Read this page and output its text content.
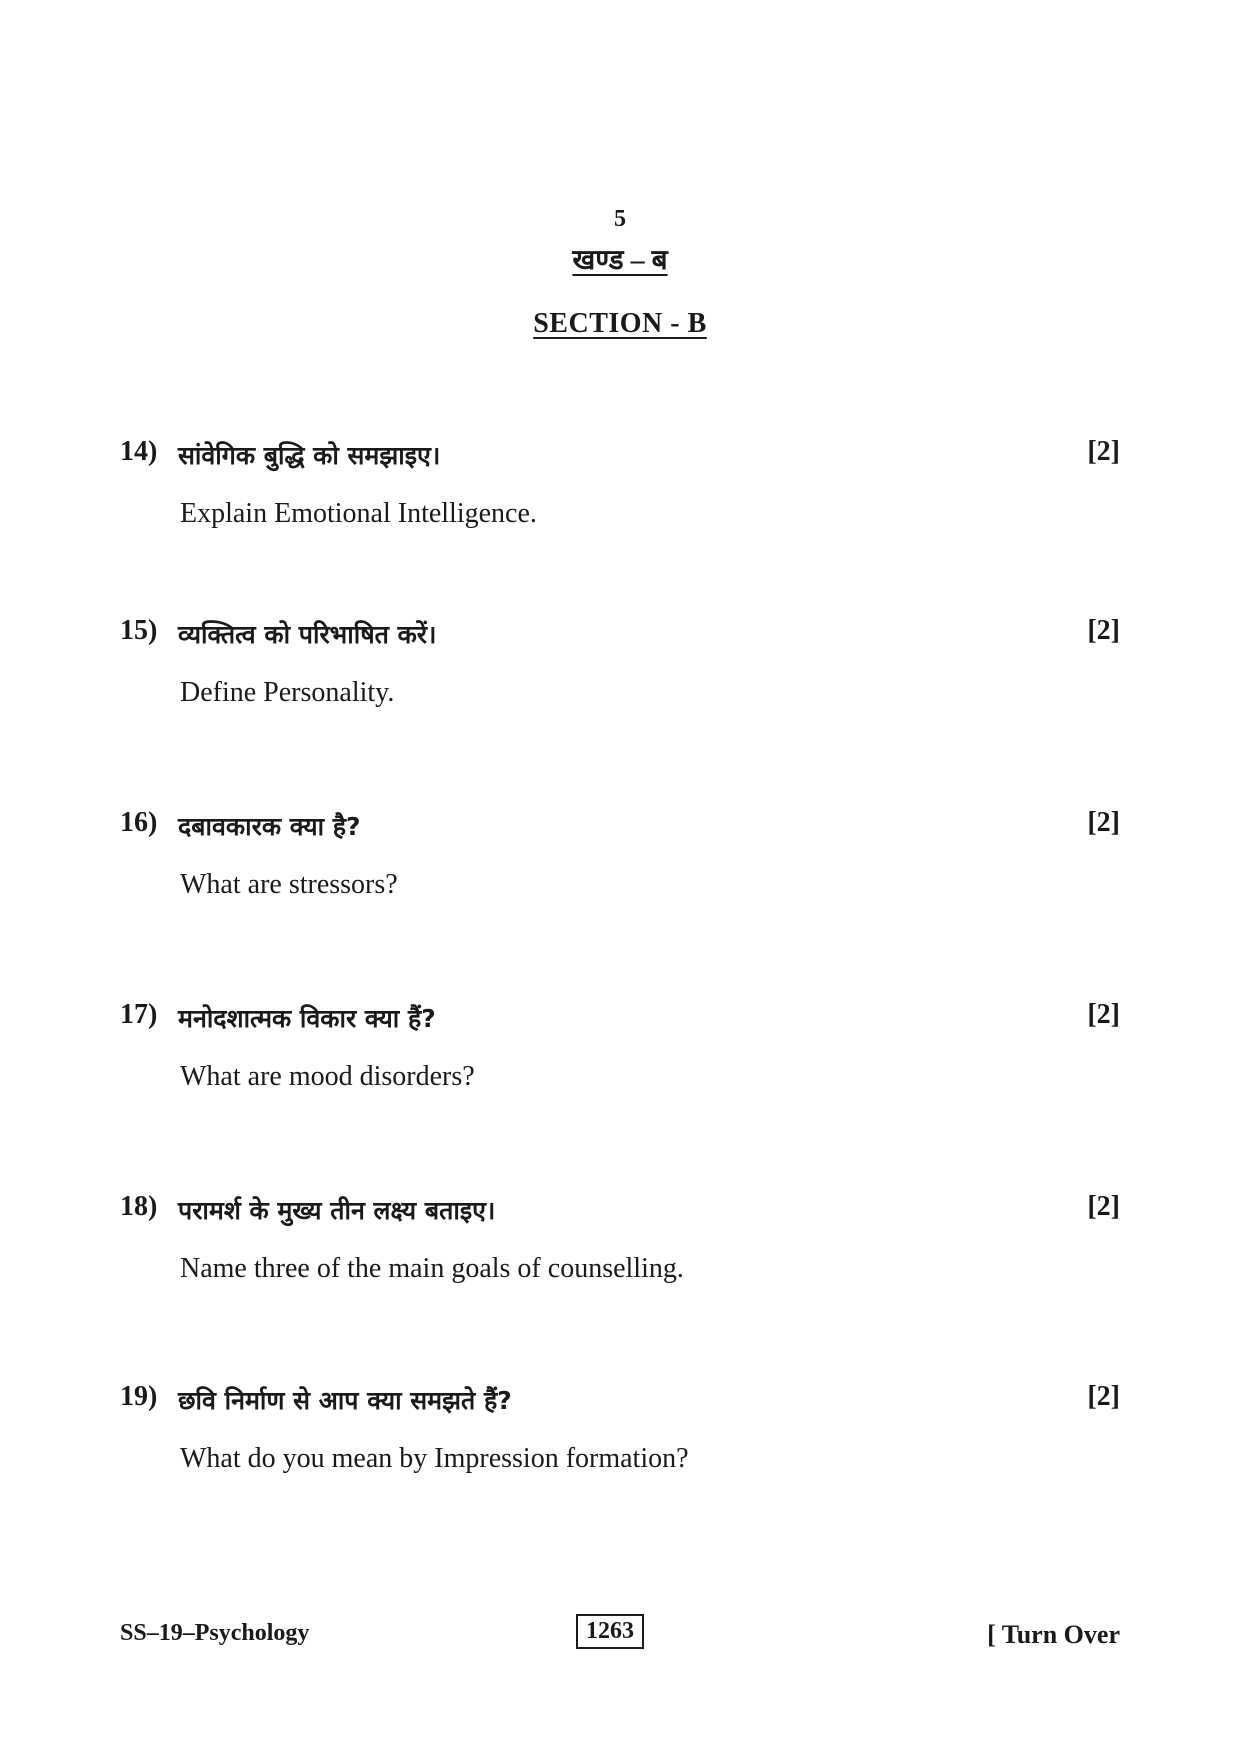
5
खण्ड – ब
SECTION - B
14) सांवेगिक बुद्धि को समझाइए।	[2]
Explain Emotional Intelligence.
15) व्यक्तित्व को परिभाषित करें।	[2]
Define Personality.
16) दबावकारक क्या है?	[2]
What are stressors?
17) मनोदशात्मक विकार क्या हैं?	[2]
What are mood disorders?
18) परामर्श के मुख्य तीन लक्ष्य बताइए।	[2]
Name three of the main goals of counselling.
19) छवि निर्माण से आप क्या समझते हैं?	[2]
What do you mean by Impression formation?
SS–19–Psychology	1263	[ Turn Over
